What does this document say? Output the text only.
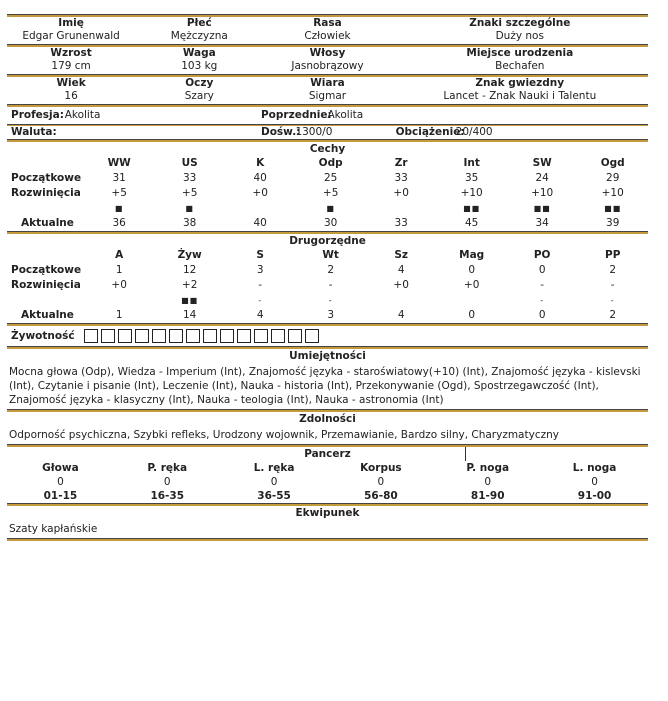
Imię	Płeć	Rasa	Znaki szczególne
Edgar Grunenwald	Mężczyzna	Człowiek	Duży nos

Wzrost	Waga	Włosy	Miejsce urodzenia
179 cm	103 kg	Jasnobrązowy	Bechafen

Wiek	Oczy	Wiara	Znak gwiezdny
16	Szary	Sigmar	Lancet - Znak Nauki i Talentu

Profesja:	Akolita	Poprzednie:	Akolita
Waluta:	Dośw.:	1300/0	Obciążenie:	20/400
Cechy
	WW	US	K	Odp	Zr	Int	SW	Ogd
Początkowe	31	33	40	25	33	35	24	29
Rozwinięcia	+5	+5	+0	+5	+0	+10	+10	+10
	■	■		■		■■	■■	■■
Aktualne	36	38	40	30	33	45	34	39
Drugorzędne
	A	Żyw	S	Wt	Sz	Mag	PO	PP
Początkowe	1	12	3	2	4	0	0	2
Rozwinięcia	+0	+2	-	-	+0	+0	-	-
		■■	-	-			-	-
Aktualne	1	14	4	3	4	0	0	2
Żywotność
Umiejętności
Mocna głowa (Odp), Wiedza - Imperium (Int), Znajomość języka - staroświatowy(+10) (Int), Znajomość języka - kislevski (Int), Czytanie i pisanie (Int), Leczenie (Int), Nauka - historia (Int), Przekonywanie (Ogd), Spostrzegawczość (Int), Znajomość języka - klasyczny (Int), Nauka - teologia (Int), Nauka - astronomia (Int)
Zdolności
Odporność psychiczna, Szybki refleks, Urodzony wojownik, Przemawianie, Bardzo silny, Charyzmatyczny
Pancerz
Głowa	P. ręka	L. ręka	Korpus	P. noga	L. noga
0	0	0	0	0	0
01-15	16-35	36-55	56-80	81-90	91-00
Ekwipunek
Szaty kapłańskie
